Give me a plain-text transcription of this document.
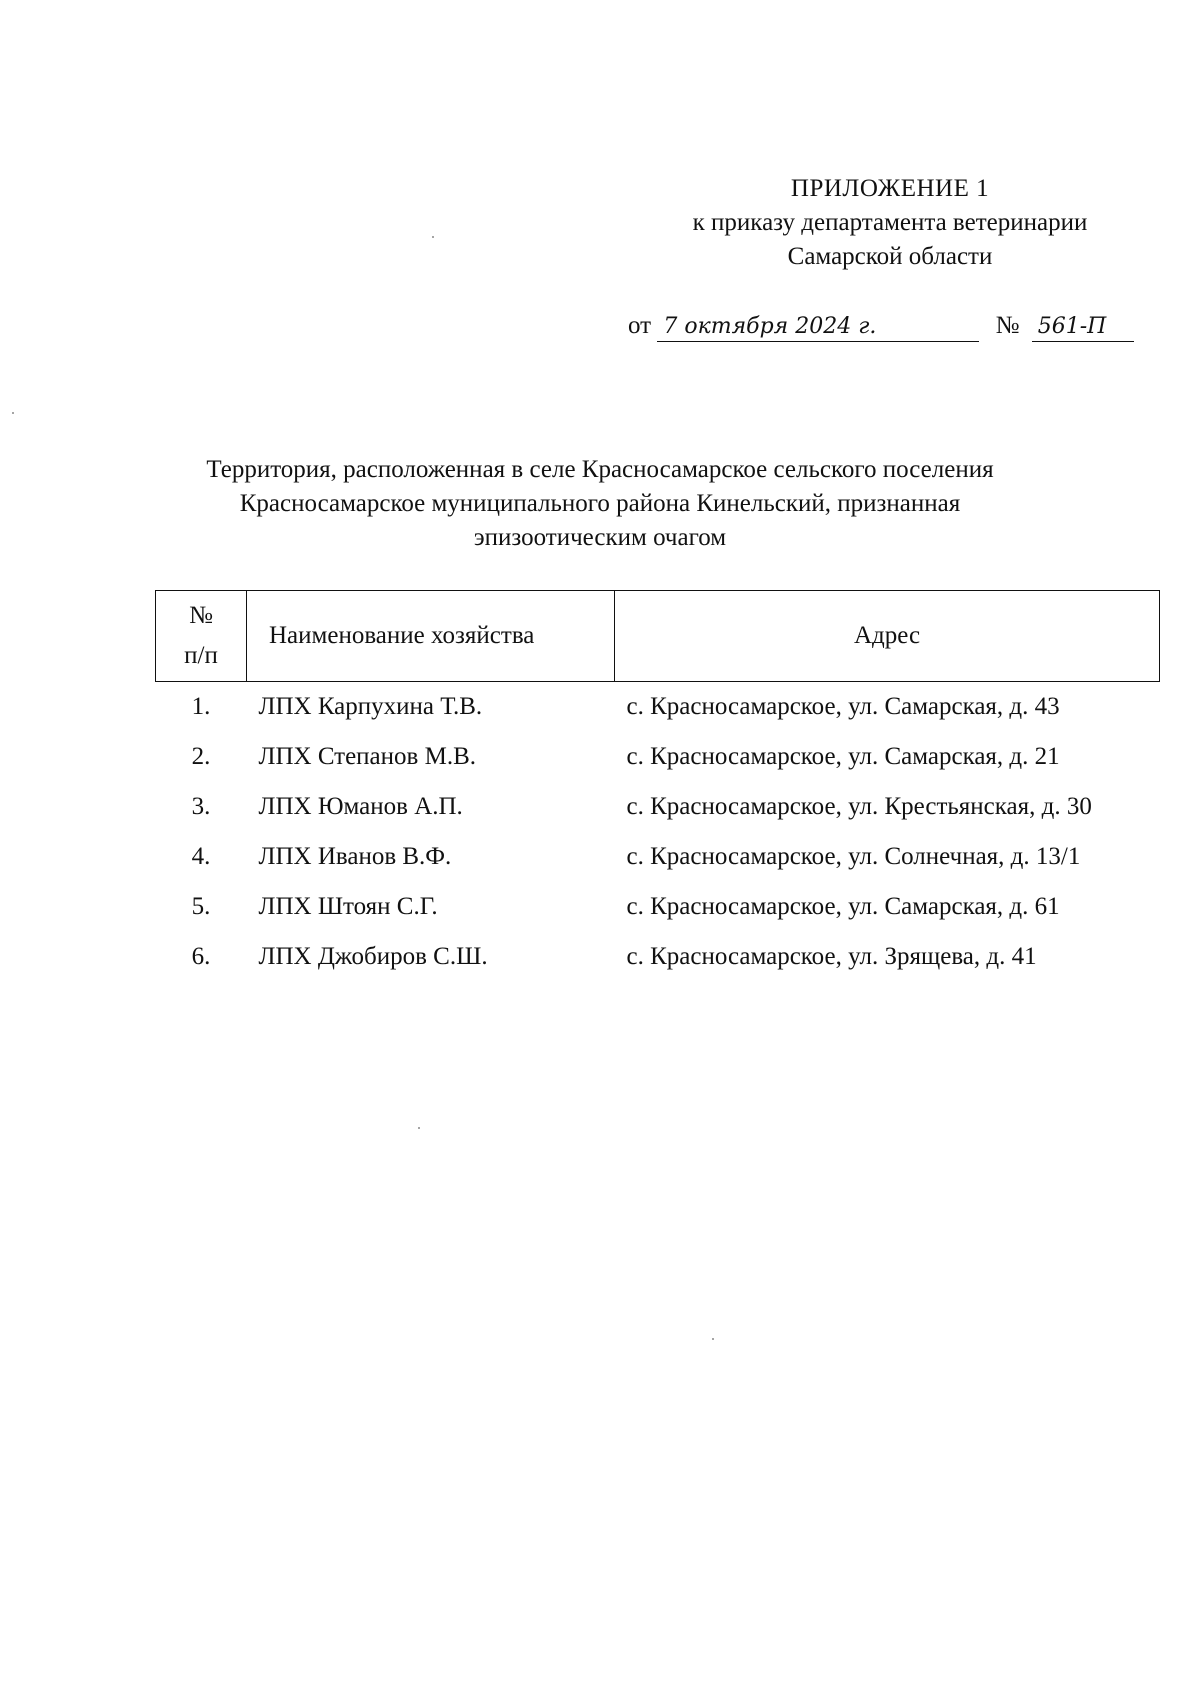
ПРИЛОЖЕНИЕ 1
к приказу департамента ветеринарии
Самарской области
от 7 октября 2024 г.	№ 561-П
Территория, расположенная в селе Красносамарское сельского поселения
Красносамарское муниципального района Кинельский, признанная
эпизоотическим очагом
№
п/п	Наименование хозяйства	Адрес
1.	ЛПХ Карпухина Т.В.	с. Красносамарское, ул. Самарская, д. 43
2.	ЛПХ Степанов М.В.	с. Красносамарское, ул. Самарская, д. 21
3.	ЛПХ Юманов А.П.	с. Красносамарское, ул. Крестьянская, д. 30
4.	ЛПХ Иванов В.Ф.	с. Красносамарское, ул. Солнечная, д. 13/1
5.	ЛПХ Штоян С.Г.	с. Красносамарское, ул. Самарская, д. 61
6.	ЛПХ Джобиров С.Ш.	с. Красносамарское, ул. Зрящева, д. 41
